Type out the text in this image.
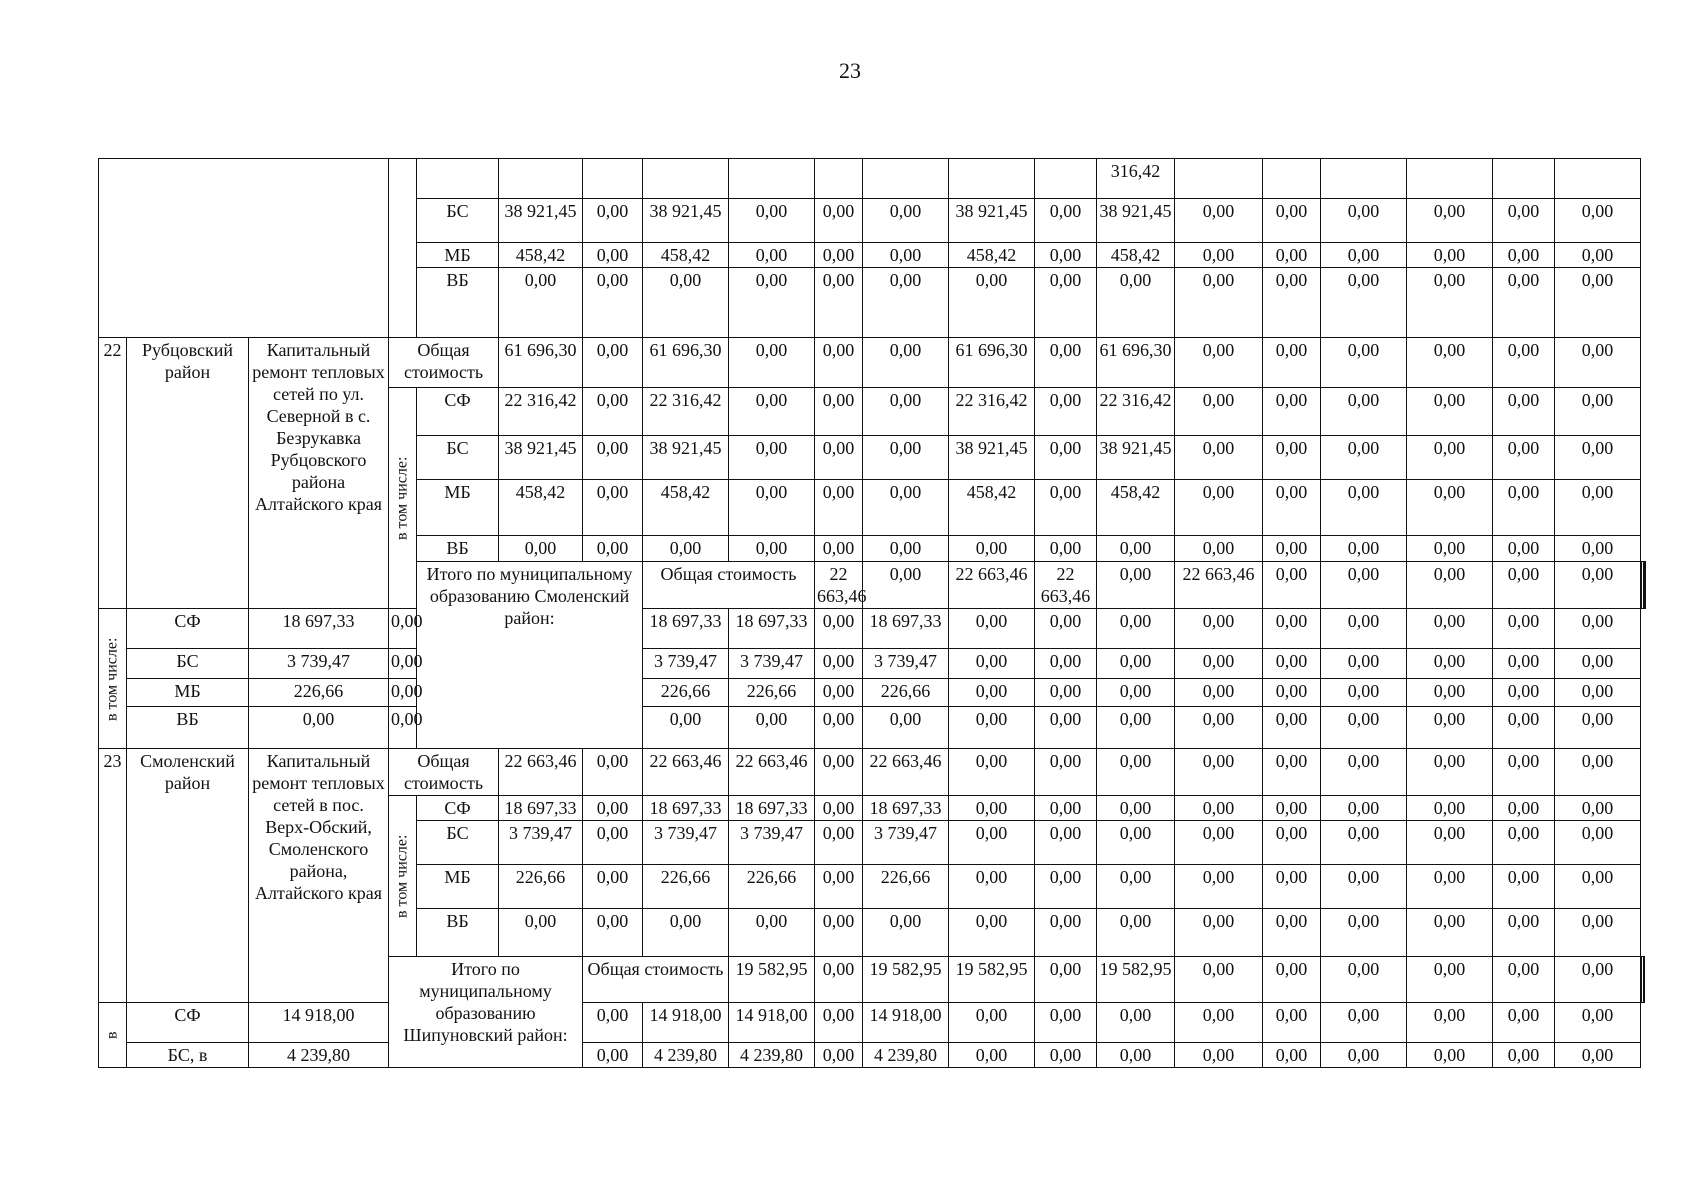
23
													316,42								
				БС	38 921,45	0,00	38 921,45	0,00	0,00	0,00	38 921,45	0,00	38 921,45	0,00	0,00	0,00	0,00	0,00	0,00		
				МБ	458,42	0,00	458,42	0,00	0,00	0,00	458,42	0,00	458,42	0,00	0,00	0,00	0,00	0,00	0,00		
				ВБ	0,00	0,00	0,00	0,00	0,00	0,00	0,00	0,00	0,00	0,00	0,00	0,00	0,00	0,00	0,00		
22	Рубцовский район	Капитальный ремонт тепловых сетей по ул. Северной в с. Безрукавка Рубцовского района Алтайского края	Общая стоимость		61 696,30	0,00	61 696,30	0,00	0,00	0,00	61 696,30	0,00	61 696,30	0,00	0,00	0,00	0,00	0,00	0,00		
			в том числе:	СФ	22 316,42	0,00	22 316,42	0,00	0,00	0,00	22 316,42	0,00	22 316,42	0,00	0,00	0,00	0,00	0,00	0,00		
				БС	38 921,45	0,00	38 921,45	0,00	0,00	0,00	38 921,45	0,00	38 921,45	0,00	0,00	0,00	0,00	0,00	0,00		
				МБ	458,42	0,00	458,42	0,00	0,00	0,00	458,42	0,00	458,42	0,00	0,00	0,00	0,00	0,00	0,00		
				ВБ	0,00	0,00	0,00	0,00	0,00	0,00	0,00	0,00	0,00	0,00	0,00	0,00	0,00	0,00	0,00		
				Итого по муниципальному образованию Смоленский район:			Общая стоимость		22 663,46	0,00	22 663,46	22 663,46	0,00	22 663,46	0,00	0,00	0,00	0,00	0,00				
в том числе:	СФ	18 697,33	0,00				18 697,33	18 697,33	0,00	18 697,33	0,00	0,00	0,00	0,00	0,00	0,00	0,00	0,00	0,00		
	БС	3 739,47	0,00				3 739,47	3 739,47	0,00	3 739,47	0,00	0,00	0,00	0,00	0,00	0,00	0,00	0,00	0,00		
	МБ	226,66	0,00				226,66	226,66	0,00	226,66	0,00	0,00	0,00	0,00	0,00	0,00	0,00	0,00	0,00		
	ВБ	0,00	0,00				0,00	0,00	0,00	0,00	0,00	0,00	0,00	0,00	0,00	0,00	0,00	0,00	0,00		
23	Смоленский район	Капитальный ремонт тепловых сетей в пос. Верх-Обский, Смоленского района, Алтайского края	Общая стоимость		22 663,46	0,00	22 663,46	22 663,46	0,00	22 663,46	0,00	0,00	0,00	0,00	0,00	0,00	0,00	0,00	0,00		
			в том числе:	СФ	18 697,33	0,00	18 697,33	18 697,33	0,00	18 697,33	0,00	0,00	0,00	0,00	0,00	0,00	0,00	0,00	0,00		
				БС	3 739,47	0,00	3 739,47	3 739,47	0,00	3 739,47	0,00	0,00	0,00	0,00	0,00	0,00	0,00	0,00	0,00		
				МБ	226,66	0,00	226,66	226,66	0,00	226,66	0,00	0,00	0,00	0,00	0,00	0,00	0,00	0,00	0,00		
				ВБ	0,00	0,00	0,00	0,00	0,00	0,00	0,00	0,00	0,00	0,00	0,00	0,00	0,00	0,00	0,00		
			Итого по муниципальному образованию Шипуновский район:			Общая стоимость		19 582,95	0,00	19 582,95	19 582,95	0,00	19 582,95	0,00	0,00	0,00	0,00	0,00	0,00			
в	СФ	14 918,00				0,00	14 918,00	14 918,00	0,00	14 918,00	0,00	0,00	0,00	0,00	0,00	0,00	0,00	0,00	0,00		
	БС, в	4 239,80				0,00	4 239,80	4 239,80	0,00	4 239,80	0,00	0,00	0,00	0,00	0,00	0,00	0,00	0,00	0,00		
